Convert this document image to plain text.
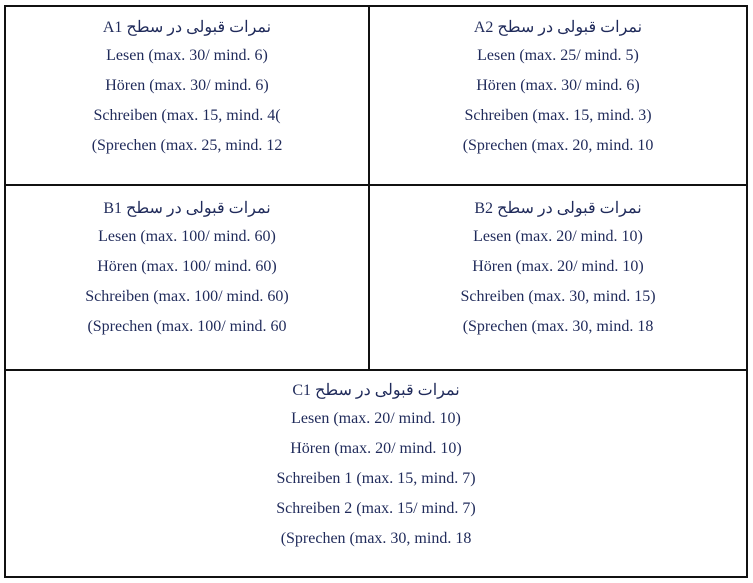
نمرات قبولی در سطح A1
Lesen (max. 30/ mind. 6)
Hören (max. 30/ mind. 6)
Schreiben (max. 15, mind. 4(
(Sprechen (max. 25, mind. 12
نمرات قبولی در سطح A2
Lesen (max. 25/ mind. 5)
Hören (max. 30/ mind. 6)
Schreiben (max. 15, mind. 3)
(Sprechen (max. 20, mind. 10
نمرات قبولی در سطح B1
Lesen (max. 100/ mind. 60)
Hören (max. 100/ mind. 60)
Schreiben (max. 100/ mind. 60)
(Sprechen (max. 100/ mind. 60
نمرات قبولی در سطح B2
Lesen (max. 20/ mind. 10)
Hören (max. 20/ mind. 10)
Schreiben (max. 30, mind. 15)
(Sprechen (max. 30, mind. 18
نمرات قبولی در سطح C1
Lesen (max. 20/ mind. 10)
Hören (max. 20/ mind. 10)
Schreiben 1 (max. 15, mind. 7)
Schreiben 2 (max. 15/ mind. 7)
(Sprechen (max. 30, mind. 18
